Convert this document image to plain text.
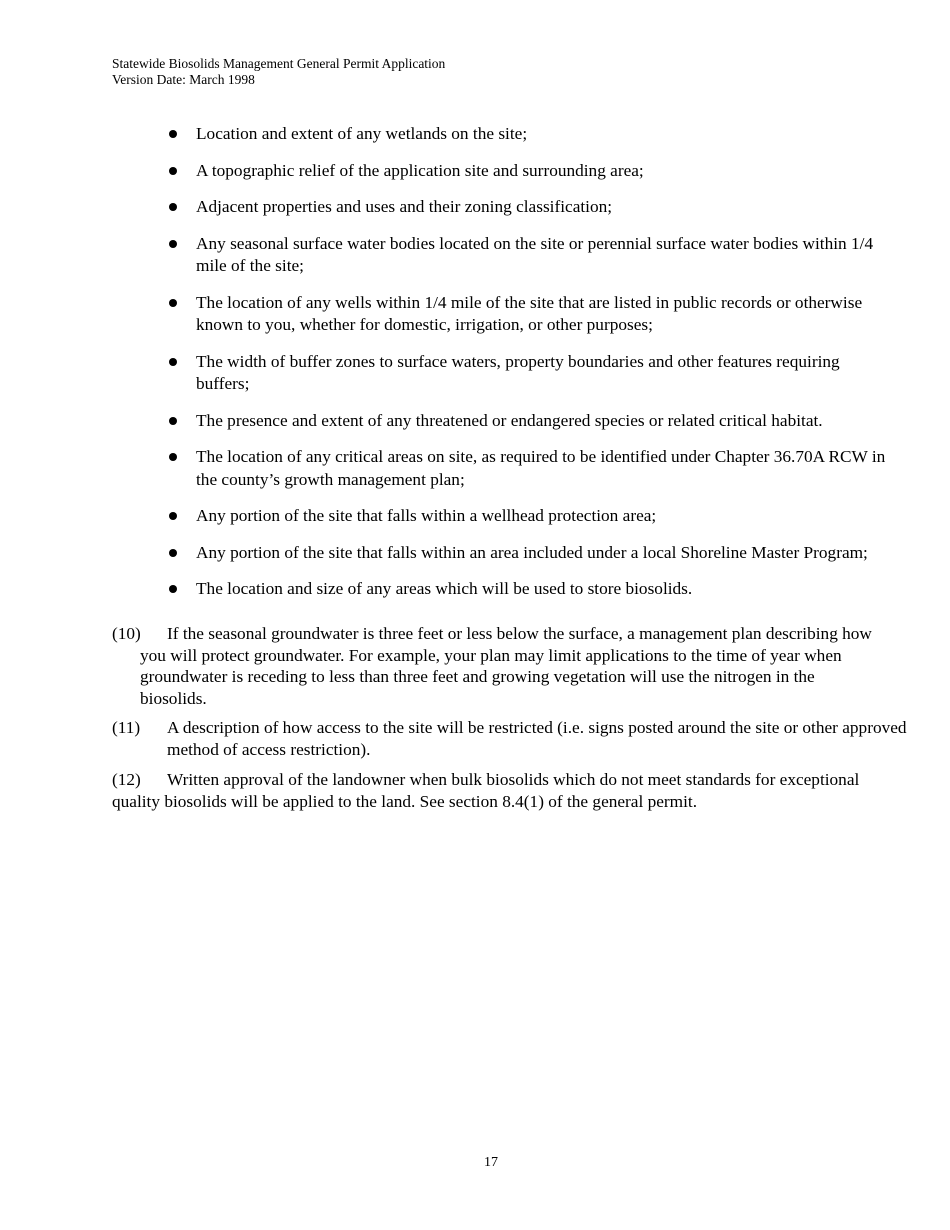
Statewide Biosolids Management General Permit Application
Version Date: March 1998
Location and extent of any wetlands on the site;
A topographic relief of the application site and surrounding area;
Adjacent properties and uses and their zoning classification;
Any seasonal surface water bodies located on the site or perennial surface water bodies within 1/4 mile of the site;
The location of any wells within 1/4 mile of the site that are listed in public records or otherwise known to you, whether for domestic, irrigation, or other purposes;
The width of buffer zones to surface waters, property boundaries and other features requiring buffers;
The presence and extent of any threatened or endangered species or related critical habitat.
The location of any critical areas on site, as required to be identified under Chapter 36.70A RCW in the county’s growth management plan;
Any portion of the site that falls within a wellhead protection area;
Any portion of the site that falls within an area included under a local Shoreline Master Program;
The location and size of any areas which will be used to store biosolids.
(10) If the seasonal groundwater is three feet or less below the surface, a management plan describing how you will protect groundwater. For example, your plan may limit applications to the time of year when groundwater is receding to less than three feet and growing vegetation will use the nitrogen in the biosolids.
(11) A description of how access to the site will be restricted (i.e. signs posted around the site or other approved method of access restriction).
(12) Written approval of the landowner when bulk biosolids which do not meet standards for exceptional quality biosolids will be applied to the land. See section 8.4(1) of the general permit.
17
